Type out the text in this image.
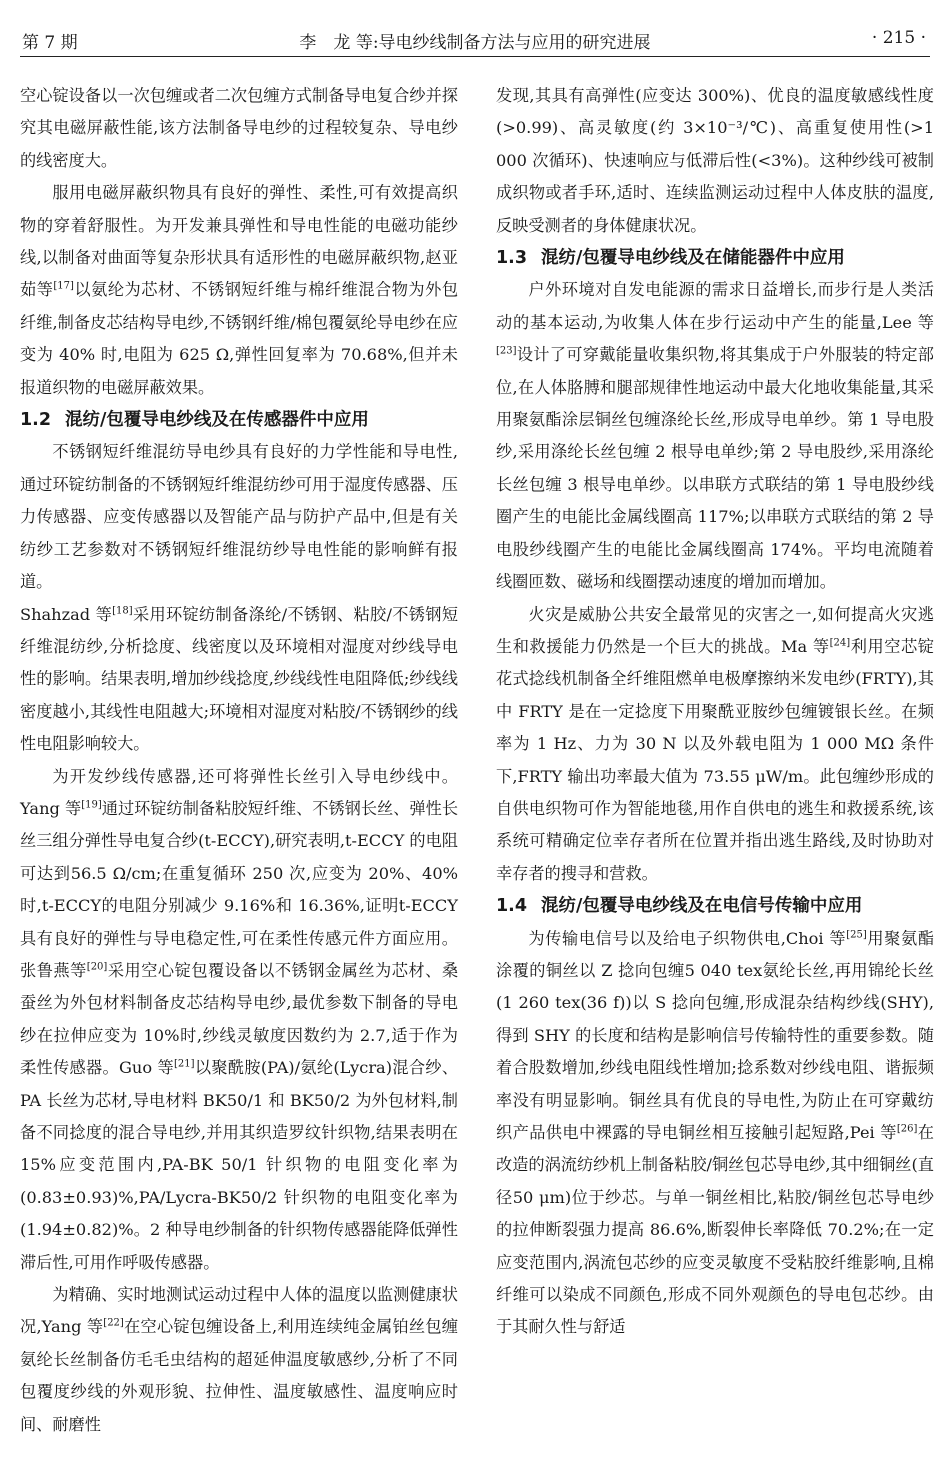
第 7 期	李　龙 等:导电纱线制备方法与应用的研究进展	· 215 ·

空心锭设备以一次包缠或者二次包缠方式制备导电复合纱并探究其电磁屏蔽性能,该方法制备导电纱的过程较复杂、导电纱的线密度大。

服用电磁屏蔽织物具有良好的弹性、柔性,可有效提高织物的穿着舒服性。为开发兼具弹性和导电性能的电磁功能纱线,以制备对曲面等复杂形状具有适形性的电磁屏蔽织物,赵亚茹等[17]以氨纶为芯材、不锈钢短纤维与棉纤维混合物为外包纤维,制备皮芯结构导电纱,不锈钢纤维/棉包覆氨纶导电纱在应变为 40% 时,电阻为 625 Ω,弹性回复率为 70.68%,但并未报道织物的电磁屏蔽效果。

1.2 混纺/包覆导电纱线及在传感器件中应用

不锈钢短纤维混纺导电纱具有良好的力学性能和导电性,通过环锭纺制备的不锈钢短纤维混纺纱可用于湿度传感器、压力传感器、应变传感器以及智能产品与防护产品中,但是有关纺纱工艺参数对不锈钢短纤维混纺纱导电性能的影响鲜有报道。

Shahzad 等[18]采用环锭纺制备涤纶/不锈钢、粘胶/不锈钢短纤维混纺纱,分析捻度、线密度以及环境相对湿度对纱线导电性的影响。结果表明,增加纱线捻度,纱线线性电阻降低;纱线线密度越小,其线性电阻越大;环境相对湿度对粘胶/不锈钢纱的线性电阻影响较大。

为开发纱线传感器,还可将弹性长丝引入导电纱线中。Yang 等[19]通过环锭纺制备粘胶短纤维、不锈钢长丝、弹性长丝三组分弹性导电复合纱(t-ECCY),研究表明,t-ECCY 的电阻可达到56.5 Ω/cm;在重复循环 250 次,应变为 20%、40%时,t-ECCY的电阻分别减少 9.16%和 16.36%,证明t-ECCY具有良好的弹性与导电稳定性,可在柔性传感元件方面应用。张鲁燕等[20]采用空心锭包覆设备以不锈钢金属丝为芯材、桑蚕丝为外包材料制备皮芯结构导电纱,最优参数下制备的导电纱在拉伸应变为 10%时,纱线灵敏度因数约为 2.7,适于作为柔性传感器。Guo 等[21]以聚酰胺(PA)/氨纶(Lycra)混合纱、PA 长丝为芯材,导电材料 BK50/1 和 BK50/2 为外包材料,制备不同捻度的混合导电纱,并用其织造罗纹针织物,结果表明在15%应变范围内,PA-BK 50/1 针织物的电阻变化率为(0.83±0.93)%,PA/Lycra-BK50/2 针织物的电阻变化率为(1.94±0.82)%。2 种导电纱制备的针织物传感器能降低弹性滞后性,可用作呼吸传感器。

为精确、实时地测试运动过程中人体的温度以监测健康状况,Yang 等[22]在空心锭包缠设备上,利用连续纯金属铂丝包缠氨纶长丝制备仿毛毛虫结构的超延伸温度敏感纱,分析了不同包覆度纱线的外观形貌、拉伸性、温度敏感性、温度响应时间、耐磨性

发现,其具有高弹性(应变达 300%)、优良的温度敏感线性度(>0.99)、高灵敏度(约 3×10⁻³/℃)、高重复使用性(>1 000 次循环)、快速响应与低滞后性(<3%)。这种纱线可被制成织物或者手环,适时、连续监测运动过程中人体皮肤的温度,反映受测者的身体健康状况。

1.3 混纺/包覆导电纱线及在储能器件中应用

户外环境对自发电能源的需求日益增长,而步行是人类活动的基本运动,为收集人体在步行运动中产生的能量,Lee 等[23]设计了可穿戴能量收集织物,将其集成于户外服装的特定部位,在人体胳膊和腿部规律性地运动中最大化地收集能量,其采用聚氨酯涂层铜丝包缠涤纶长丝,形成导电单纱。第 1 导电股纱,采用涤纶长丝包缠 2 根导电单纱;第 2 导电股纱,采用涤纶长丝包缠 3 根导电单纱。以串联方式联结的第 1 导电股纱线圈产生的电能比金属线圈高 117%;以串联方式联结的第 2 导电股纱线圈产生的电能比金属线圈高 174%。平均电流随着线圈匝数、磁场和线圈摆动速度的增加而增加。

火灾是威胁公共安全最常见的灾害之一,如何提高火灾逃生和救援能力仍然是一个巨大的挑战。Ma 等[24]利用空芯锭花式捻线机制备全纤维阻燃单电极摩擦纳米发电纱(FRTY),其中 FRTY 是在一定捻度下用聚酰亚胺纱包缠镀银长丝。在频率为 1 Hz、力为 30 N 以及外载电阻为 1 000 MΩ 条件下,FRTY 输出功率最大值为 73.55 μW/m。此包缠纱形成的自供电织物可作为智能地毯,用作自供电的逃生和救援系统,该系统可精确定位幸存者所在位置并指出逃生路线,及时协助对幸存者的搜寻和营救。

1.4 混纺/包覆导电纱线及在电信号传输中应用

为传输电信号以及给电子织物供电,Choi 等[25]用聚氨酯涂覆的铜丝以 Z 捻向包缠5 040 tex氨纶长丝,再用锦纶长丝(1 260 tex(36 f))以 S 捻向包缠,形成混杂结构纱线(SHY),得到 SHY 的长度和结构是影响信号传输特性的重要参数。随着合股数增加,纱线电阻线性增加;捻系数对纱线电阻、谐振频率没有明显影响。铜丝具有优良的导电性,为防止在可穿戴纺织产品供电中裸露的导电铜丝相互接触引起短路,Pei 等[26]在改造的涡流纺纱机上制备粘胶/铜丝包芯导电纱,其中细铜丝(直径50 μm)位于纱芯。与单一铜丝相比,粘胶/铜丝包芯导电纱的拉伸断裂强力提高 86.6%,断裂伸长率降低 70.2%;在一定应变范围内,涡流包芯纱的应变灵敏度不受粘胶纤维影响,且棉纤维可以染成不同颜色,形成不同外观颜色的导电包芯纱。由于其耐久性与舒适
